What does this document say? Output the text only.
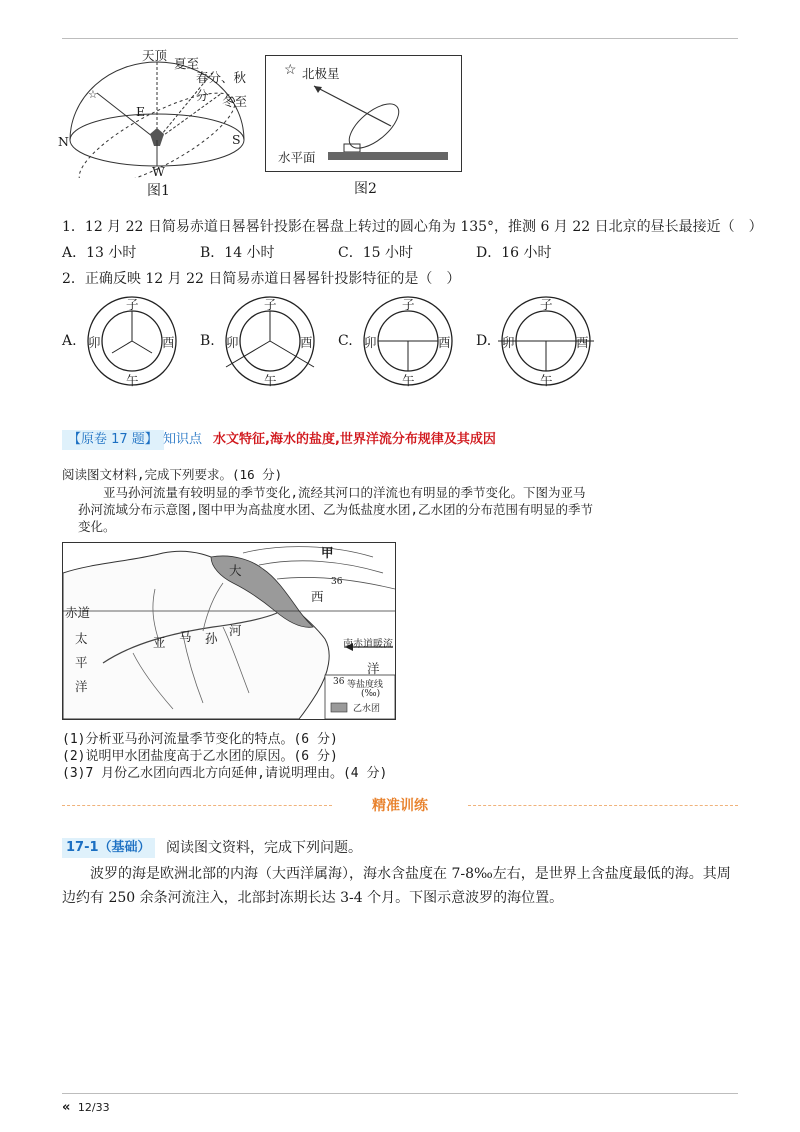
天顶
夏至
春分、秋分	冬至
N	S
E
W
☆
图1
☆ 北极星
水平面
图2
1．12 月 22 日简易赤道日晷晷针投影在晷盘上转过的圆心角为 135°，推测 6 月 22 日北京的昼长最接近（　）
A．13 小时	B．14 小时	C．15 小时	D．16 小时
2．正确反映 12 月 22 日简易赤道日晷晷针投影特征的是（　）
A.	B.	C.	D.
子
卯	酉
午
子
卯	酉
午
子
卯	酉
午
子
卯	酉
午
【原卷 17 题】 知识点 水文特征,海水的盐度,世界洋流分布规律及其成因
阅读图文材料,完成下列要求。(16 分)
亚马孙河流量有较明显的季节变化,流经其河口的洋流也有明显的季节变化。下图为亚马孙河流域分布示意图,图中甲为高盐度水团、乙为低盐度水团,乙水团的分布范围有明显的季节变化。
甲
大
西
36
赤道
太
平
洋
亚 马 孙
河
南赤道暖流
洋
36 等盐度线
(‰)
乙水团
(1)分析亚马孙河流量季节变化的特点。(6 分)
(2)说明甲水团盐度高于乙水团的原因。(6 分)
(3)7 月份乙水团向西北方向延伸,请说明理由。(4 分)
精准训练
17-1（基础） 阅读图文资料，完成下列问题。
波罗的海是欧洲北部的内海（大西洋属海），海水含盐度在 7-8‰左右，是世界上含盐度最低的海。其周边约有 250 余条河流注入，北部封冻期长达 3-4 个月。下图示意波罗的海位置。
« 12/33
